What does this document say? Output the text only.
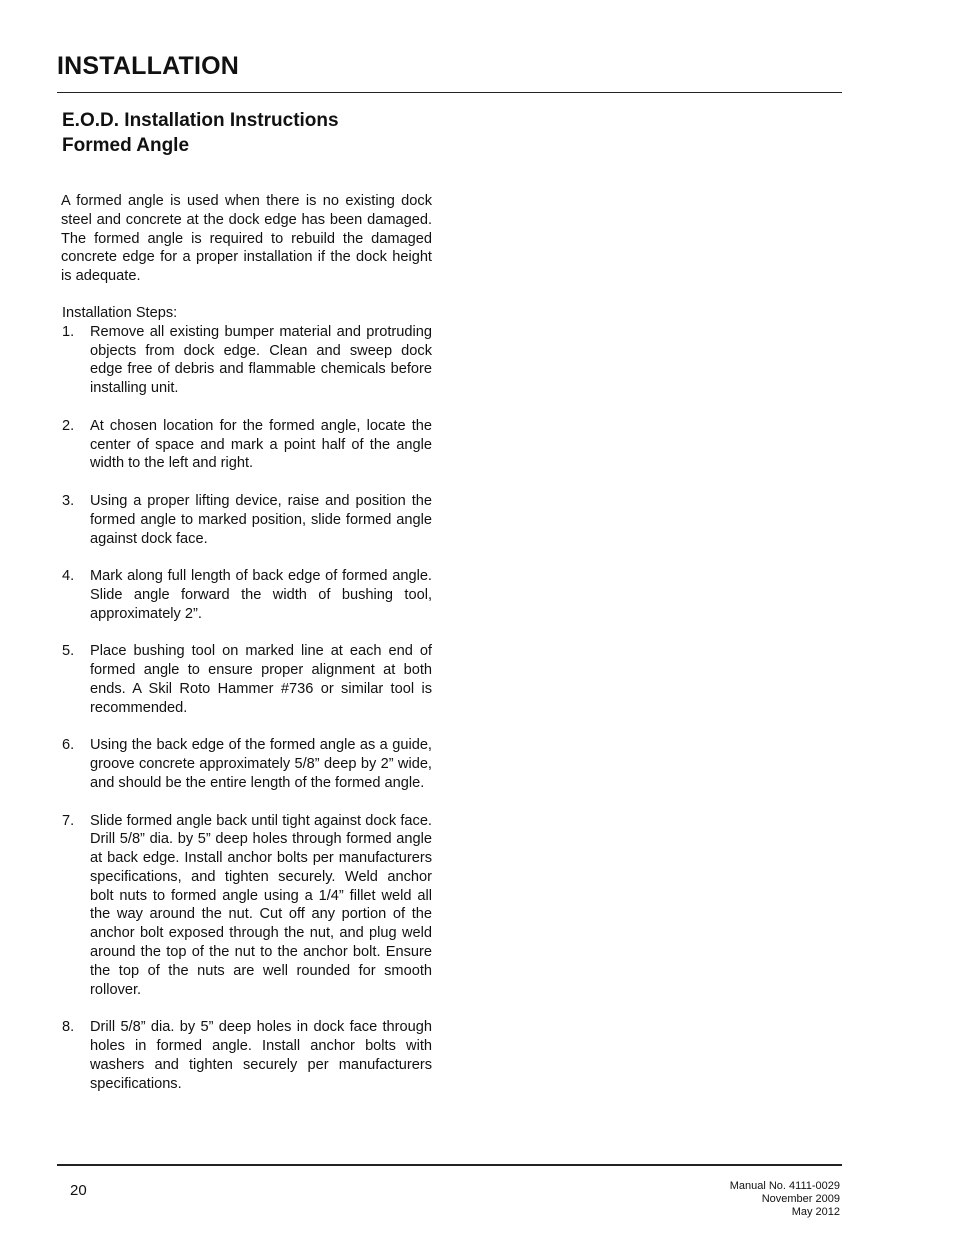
INSTALLATION
E.O.D. Installation Instructions
Formed Angle

A formed angle is used when there is no existing dock steel and concrete at the dock edge has been damaged. The formed angle is required to rebuild the damaged concrete edge for a proper installation if the dock height is adequate.

Installation Steps:
1. Remove all existing bumper material and protruding objects from dock edge. Clean and sweep dock edge free of debris and flammable chemicals before installing unit.
2. At chosen location for the formed angle, locate the center of space and mark a point half of the angle width to the left and right.
3. Using a proper lifting device, raise and position the formed angle to marked position, slide formed angle against dock face.
4. Mark along full length of back edge of formed angle. Slide angle forward the width of bushing tool, approximately 2”.
5. Place bushing tool on marked line at each end of formed angle to ensure proper alignment at both ends. A Skil Roto Hammer #736 or similar tool is recommended.
6. Using the back edge of the formed angle as a guide, groove concrete approximately 5/8” deep by 2” wide, and should be the entire length of the formed angle.
7. Slide formed angle back until tight against dock face. Drill 5/8” dia. by 5” deep holes through formed angle at back edge. Install anchor bolts per manufacturers specifications, and tighten securely. Weld anchor bolt nuts to formed angle using a 1/4” fillet weld all the way around the nut. Cut off any portion of the anchor bolt exposed through the nut, and plug weld around the top of the nut to the anchor bolt. Ensure the top of the nuts are well rounded for smooth rollover.
8. Drill 5/8” dia. by 5” deep holes in dock face through holes in formed angle. Install anchor bolts with washers and tighten securely per manufacturers specifications.
20	Manual No. 4111-0029
November 2009
May 2012
